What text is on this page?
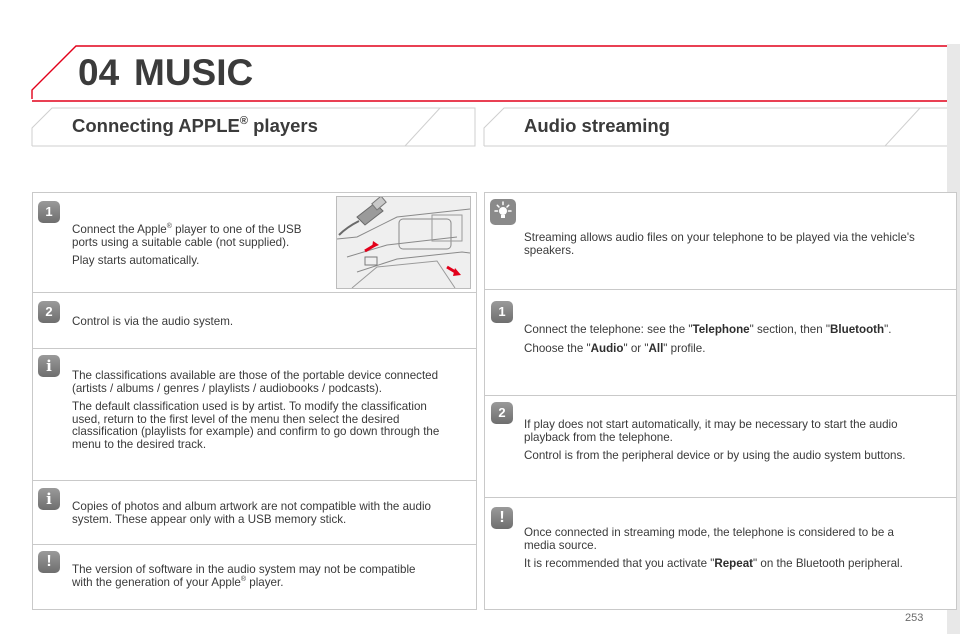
04 MUSIC
Connecting APPLE® players	Audio streaming
1

Connect the Apple® player to one of the USB
ports using a suitable cable (not supplied).

Play starts automatically.

2

Control is via the audio system.

i

The classifications available are those of the portable device connected (artists / albums / genres / playlists / audiobooks / podcasts).

The default classification used is by artist. To modify the classification used, return to the first level of the menu then select the desired classification (playlists for example) and confirm to go down through the menu to the desired track.

i	Copies of photos and album artwork are not compatible with the audio system. These appear only with a USB memory stick.

!	The version of software in the audio system may not be compatible
with the generation of your Apple® player.

Streaming allows audio files on your telephone to be played via the vehicle's speakers.

1

Connect the telephone: see the "Telephone" section, then "Bluetooth".

Choose the "Audio" or "All" profile.

2

If play does not start automatically, it may be necessary to start the audio playback from the telephone.

Control is from the peripheral device or by using the audio system buttons.

!

Once connected in streaming mode, the telephone is considered to be a media source.

It is recommended that you activate "Repeat" on the Bluetooth peripheral.

253
